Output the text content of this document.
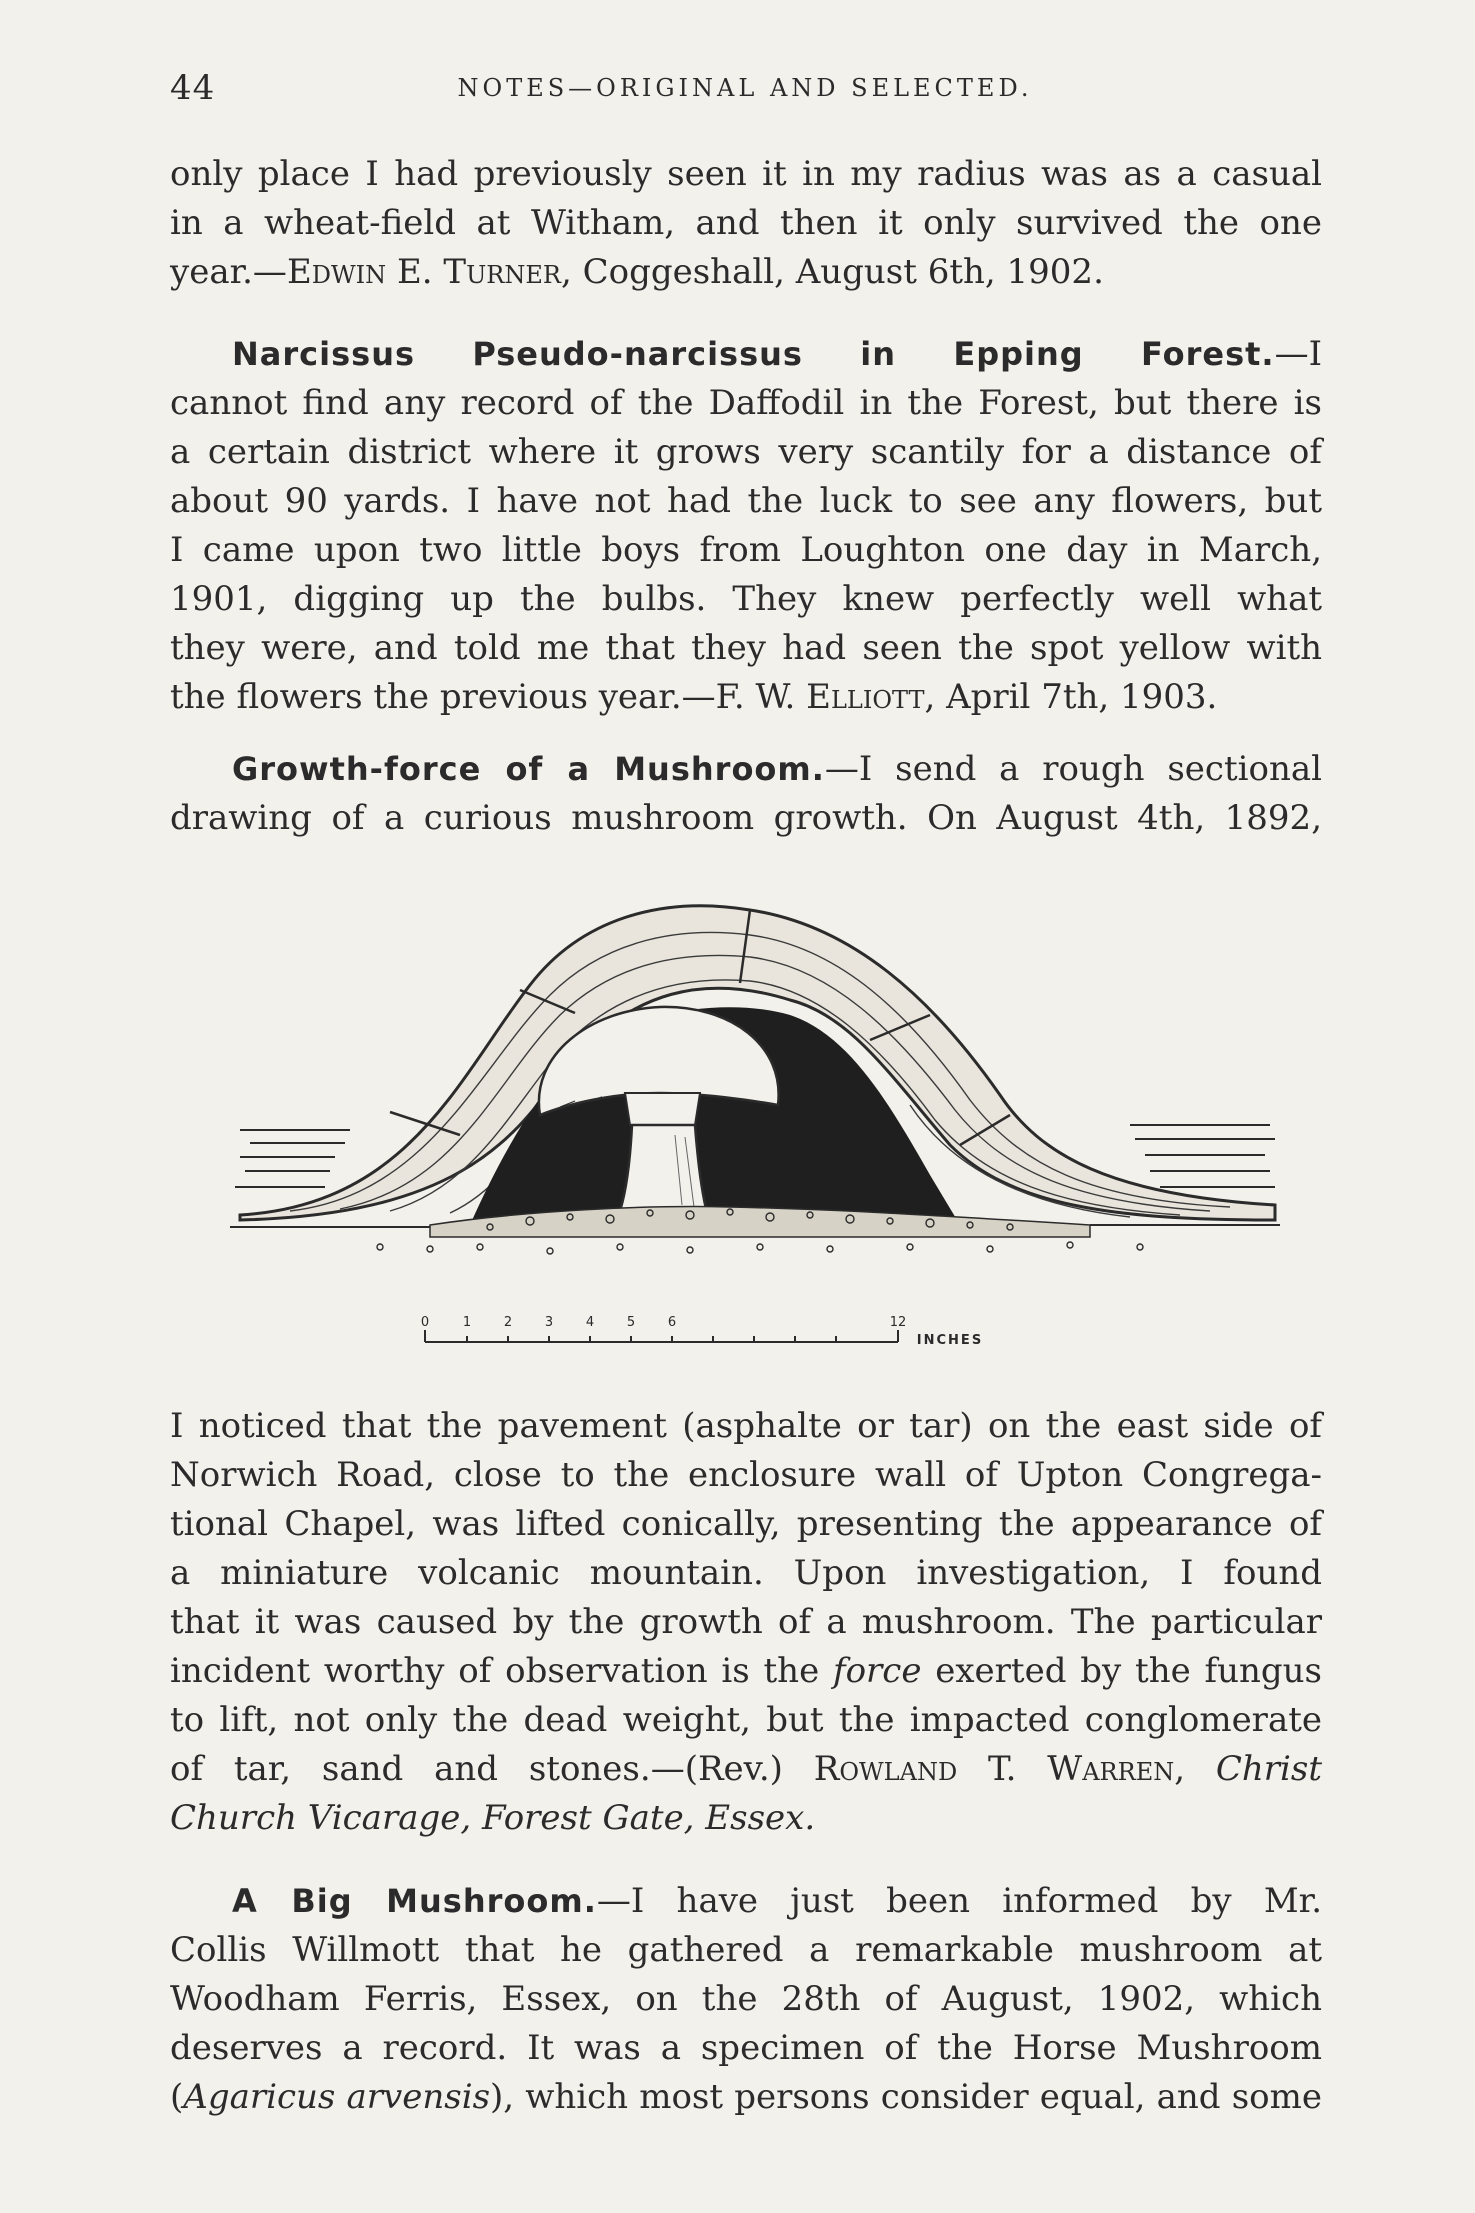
44	NOTES—ORIGINAL AND SELECTED.
only place I had previously seen it in my radius was as a casual
in a wheat-field at Witham, and then it only survived the one
year.—Edwin E. Turner, Coggeshall, August 6th, 1902.
Narcissus Pseudo-narcissus in Epping Forest.—I
cannot find any record of the Daffodil in the Forest, but there is
a certain district where it grows very scantily for a distance of
about 90 yards. I have not had the luck to see any flowers, but
I came upon two little boys from Loughton one day in March,
1901, digging up the bulbs. They knew perfectly well what
they were, and told me that they had seen the spot yellow with
the flowers the previous year.—F. W. Elliott, April 7th, 1903.
Growth-force of a Mushroom.—I send a rough sectional
drawing of a curious mushroom growth. On August 4th, 1892,
0	1	2	3	4	5	6	12
INCHES
I noticed that the pavement (asphalte or tar) on the east side of
Norwich Road, close to the enclosure wall of Upton Congrega-
tional Chapel, was lifted conically, presenting the appearance of
a miniature volcanic mountain. Upon investigation, I found
that it was caused by the growth of a mushroom. The particular
incident worthy of observation is the force exerted by the fungus
to lift, not only the dead weight, but the impacted conglomerate
of tar, sand and stones.—(Rev.) Rowland T. Warren, Christ
Church Vicarage, Forest Gate, Essex.
A Big Mushroom.—I have just been informed by Mr.
Collis Willmott that he gathered a remarkable mushroom at
Woodham Ferris, Essex, on the 28th of August, 1902, which
deserves a record. It was a specimen of the Horse Mushroom
(Agaricus arvensis), which most persons consider equal, and some
